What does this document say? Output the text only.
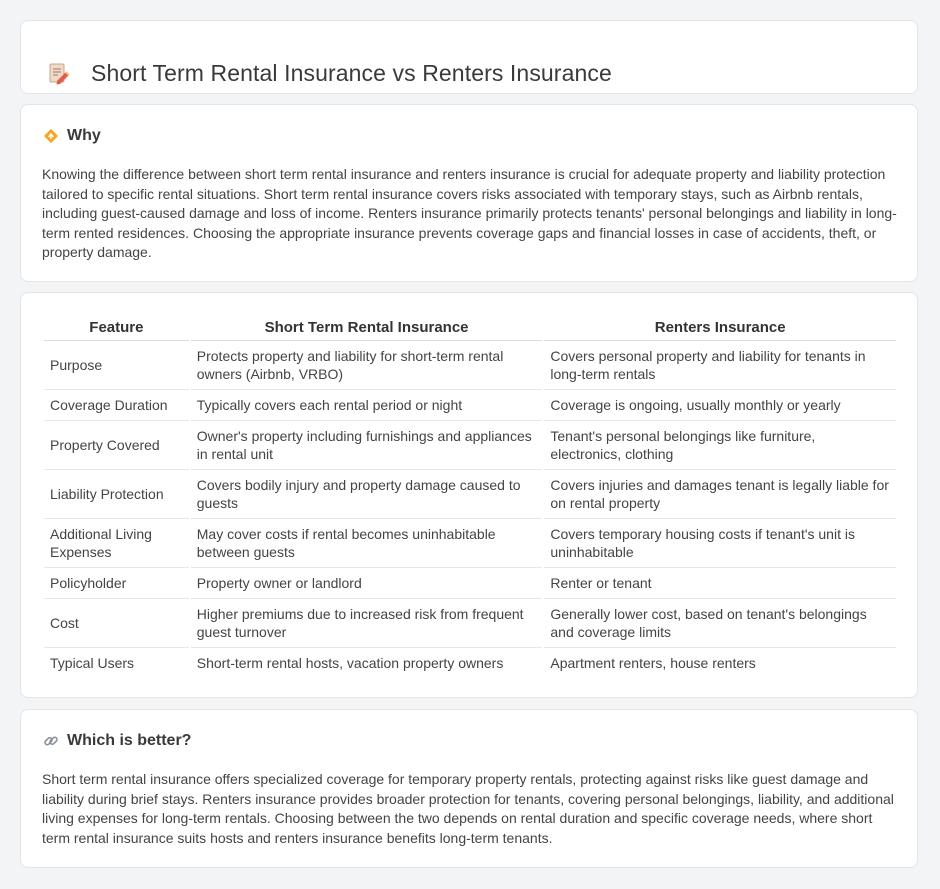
Short Term Rental Insurance vs Renters Insurance
Why

Knowing the difference between short term rental insurance and renters insurance is crucial for adequate property and liability protection tailored to specific rental situations. Short term rental insurance covers risks associated with temporary stays, such as Airbnb rentals, including guest-caused damage and loss of income. Renters insurance primarily protects tenants' personal belongings and liability in long-term rented residences. Choosing the appropriate insurance prevents coverage gaps and financial losses in case of accidents, theft, or property damage.

Feature	Short Term Rental Insurance	Renters Insurance
Purpose	Protects property and liability for short-term rental owners (Airbnb, VRBO)	Covers personal property and liability for tenants in long-term rentals
Coverage Duration	Typically covers each rental period or night	Coverage is ongoing, usually monthly or yearly
Property Covered	Owner's property including furnishings and appliances in rental unit	Tenant's personal belongings like furniture, electronics, clothing
Liability Protection	Covers bodily injury and property damage caused to guests	Covers injuries and damages tenant is legally liable for on rental property
Additional Living Expenses	May cover costs if rental becomes uninhabitable between guests	Covers temporary housing costs if tenant's unit is uninhabitable
Policyholder	Property owner or landlord	Renter or tenant
Cost	Higher premiums due to increased risk from frequent guest turnover	Generally lower cost, based on tenant's belongings and coverage limits
Typical Users	Short-term rental hosts, vacation property owners	Apartment renters, house renters
Which is better?

Short term rental insurance offers specialized coverage for temporary property rentals, protecting against risks like guest damage and liability during brief stays. Renters insurance provides broader protection for tenants, covering personal belongings, liability, and additional living expenses for long-term rentals. Choosing between the two depends on rental duration and specific coverage needs, where short term rental insurance suits hosts and renters insurance benefits long-term tenants.
